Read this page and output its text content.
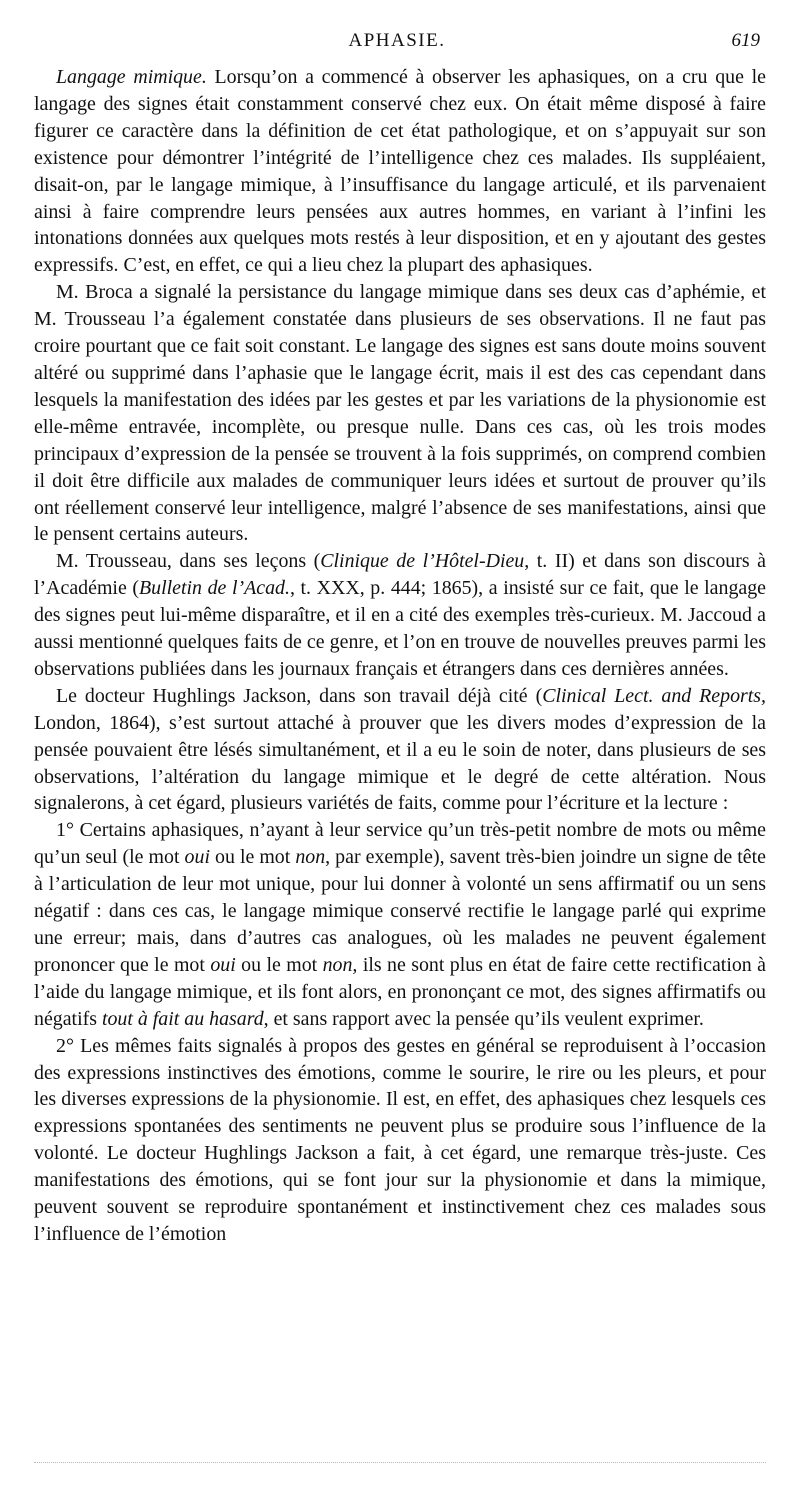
APHASIE.	619

Langage mimique. Lorsqu’on a commencé à observer les aphasiques, on a cru que le langage des signes était constamment conservé chez eux. On était même disposé à faire figurer ce caractère dans la définition de cet état pathologique, et on s’appuyait sur son existence pour démontrer l’intégrité de l’intelligence chez ces malades. Ils suppléaient, disait-on, par le langage mimique, à l’insuffisance du langage articulé, et ils parvenaient ainsi à faire comprendre leurs pensées aux autres hommes, en variant à l’infini les intonations données aux quelques mots restés à leur disposition, et en y ajoutant des gestes expressifs. C’est, en effet, ce qui a lieu chez la plupart des aphasiques.

M. Broca a signalé la persistance du langage mimique dans ses deux cas d’aphémie, et M. Trousseau l’a également constatée dans plusieurs de ses observations. Il ne faut pas croire pourtant que ce fait soit constant. Le langage des signes est sans doute moins souvent altéré ou supprimé dans l’aphasie que le langage écrit, mais il est des cas cependant dans lesquels la manifestation des idées par les gestes et par les variations de la physionomie est elle-même entravée, incomplète, ou presque nulle. Dans ces cas, où les trois modes principaux d’expression de la pensée se trouvent à la fois supprimés, on comprend combien il doit être difficile aux malades de communiquer leurs idées et surtout de prouver qu’ils ont réellement conservé leur intelligence, malgré l’absence de ses manifestations, ainsi que le pensent certains auteurs.

M. Trousseau, dans ses leçons (Clinique de l’Hôtel-Dieu, t. II) et dans son discours à l’Académie (Bulletin de l’Acad., t. XXX, p. 444; 1865), a insisté sur ce fait, que le langage des signes peut lui-même disparaître, et il en a cité des exemples très-curieux. M. Jaccoud a aussi mentionné quelques faits de ce genre, et l’on en trouve de nouvelles preuves parmi les observations publiées dans les journaux français et étrangers dans ces dernières années.

Le docteur Hughlings Jackson, dans son travail déjà cité (Clinical Lect. and Reports, London, 1864), s’est surtout attaché à prouver que les divers modes d’expression de la pensée pouvaient être lésés simultanément, et il a eu le soin de noter, dans plusieurs de ses observations, l’altération du langage mimique et le degré de cette altération. Nous signalerons, à cet égard, plusieurs variétés de faits, comme pour l’écriture et la lecture :

1° Certains aphasiques, n’ayant à leur service qu’un très-petit nombre de mots ou même qu’un seul (le mot oui ou le mot non, par exemple), savent très-bien joindre un signe de tête à l’articulation de leur mot unique, pour lui donner à volonté un sens affirmatif ou un sens négatif : dans ces cas, le langage mimique conservé rectifie le langage parlé qui exprime une erreur; mais, dans d’autres cas analogues, où les malades ne peuvent également prononcer que le mot oui ou le mot non, ils ne sont plus en état de faire cette rectification à l’aide du langage mimique, et ils font alors, en prononçant ce mot, des signes affirmatifs ou négatifs tout à fait au hasard, et sans rapport avec la pensée qu’ils veulent exprimer.

2° Les mêmes faits signalés à propos des gestes en général se reproduisent à l’occasion des expressions instinctives des émotions, comme le sourire, le rire ou les pleurs, et pour les diverses expressions de la physionomie. Il est, en effet, des aphasiques chez lesquels ces expressions spontanées des sentiments ne peuvent plus se produire sous l’influence de la volonté. Le docteur Hughlings Jackson a fait, à cet égard, une remarque très-juste. Ces manifestations des émotions, qui se font jour sur la physionomie et dans la mimique, peuvent souvent se reproduire spontanément et instinctivement chez ces malades sous l’influence de l’émotion
